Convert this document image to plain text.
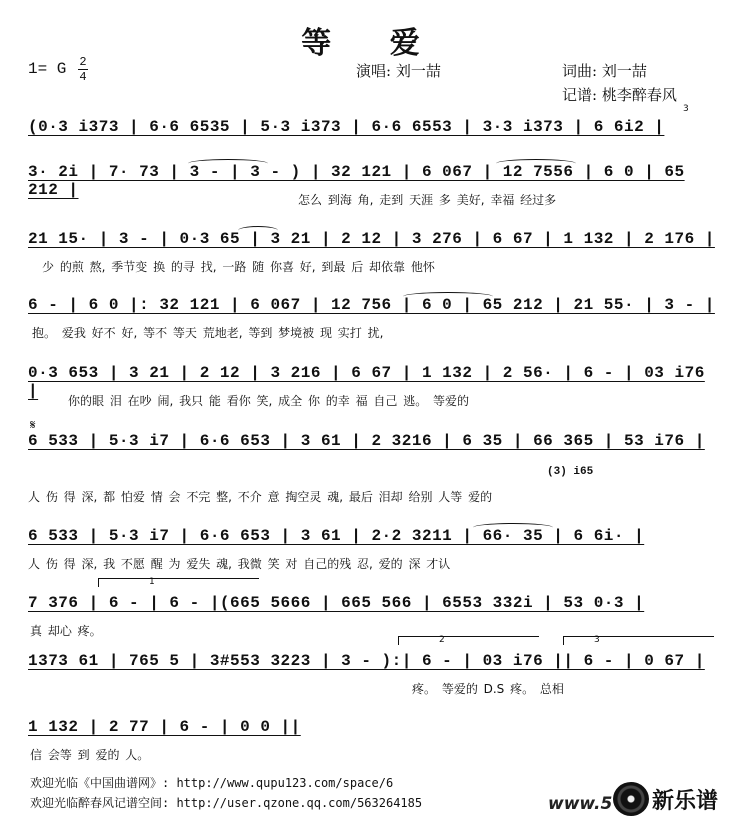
等 爱
1= G 2
4	演唱: 刘一喆	词曲: 刘一喆
记谱: 桃李醉春风
(0·3 i373 | 6·6 6535 | 5·3 i373 | 6·6 6553 | 3·3 i373 | 6 6i2 |
3
3· 2i | 7· 73 | 3 - | 3 - ) | 32 121 | 6 067 | 12 7556 | 6 0 | 65 212 |
怎么 到海 角, 走到 天涯 多 美好, 幸福 经过多
21 15· | 3 - | 0·3 65 | 3 21 | 2 12 | 3 276 | 6 67 | 1 132 | 2 176 |
少 的煎 熬, 季节变 换 的寻 找, 一路 随 你喜 好, 到最 后 却依靠 他怀
6 - | 6 0 |: 32 121 | 6 067 | 12 756 | 6 0 | 65 212 | 21 55· | 3 - |
抱。 爱我 好不 好, 等不 等天 荒地老, 等到 梦境被 现 实打 扰,
0·3 653 | 3 21 | 2 12 | 3 216 | 6 67 | 1 132 | 2 56· | 6 - | 03 i76 |
你的眼 泪 在吵 闹, 我只 能 看你 笑, 成全 你 的幸 福 自己 逃。 等爱的
𝄋
6 533 | 5·3 i7 | 6·6 653 | 3 61 | 2 3216 | 6 35 | 66 365 | 53 i76 |
(3) i65
人 伤 得 深, 都 怕爱 情 会 不完 整, 不介 意 掏空灵 魂, 最后 泪却 给别 人等 爱的
6 533 | 5·3 i7 | 6·6 653 | 3 61 | 2·2 3211 | 66· 35 | 6 6i· |
人 伤 得 深, 我 不愿 醒 为 爱失 魂, 我微 笑 对 自己的残 忍, 爱的 深 才认
1
7 376 | 6 - | 6 - |(665 5666 | 665 566 | 6553 332i | 53 0·3 |
真 却心 疼。
2	3
1373 61 | 765 5 | 3#553 3223 | 3 - ):| 6 - | 03 i76 || 6 - | 0 67 |
疼。 等爱的 D.S 疼。 总相
1 132 | 2 77 | 6 - | 0 0 ||
信 会等 到 爱的 人。
欢迎光临《中国曲谱网》: http://www.qupu123.com/space/6
欢迎光临醉春风记谱空间: http://user.qzone.qq.com/563264185	www.5 新乐谱
